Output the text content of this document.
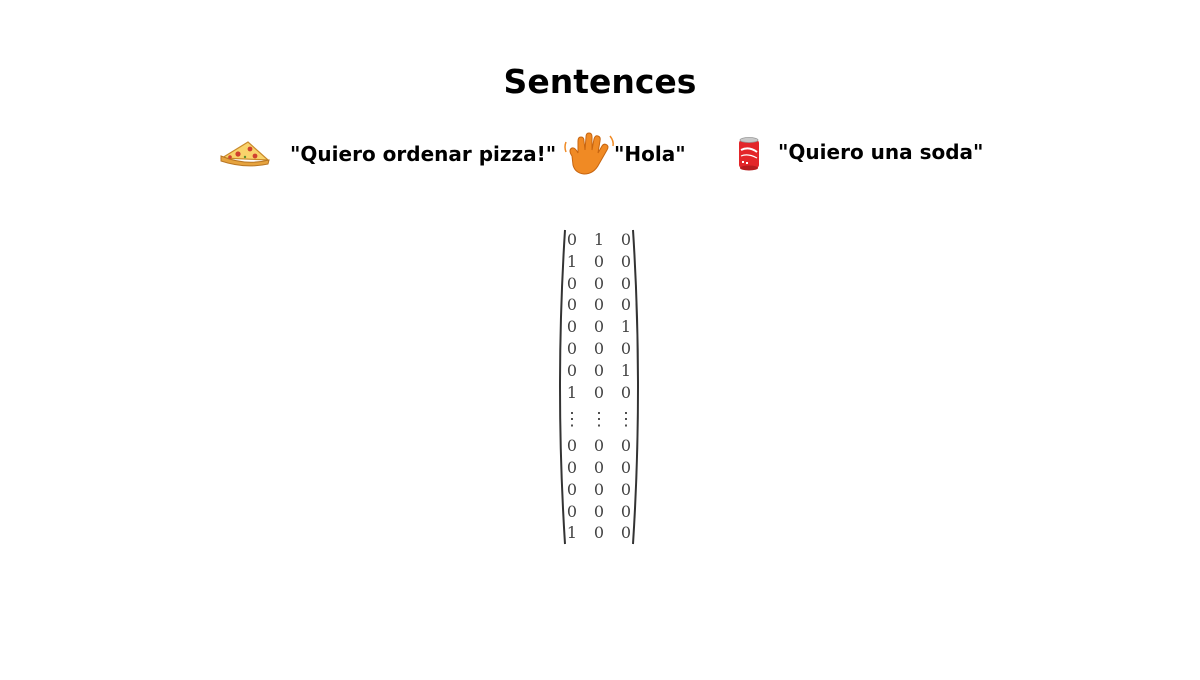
Sentences
"Quiero ordenar pizza!"	"Hola"	"Quiero una soda"
0	1	0
1	0	0
0	0	0
0	0	0
0	0	1
0	0	0
0	0	1
1	0	0
⋮ ⋮ ⋮
0	0	0
0	0	0
0	0	0
0	0	0
1	0	0
